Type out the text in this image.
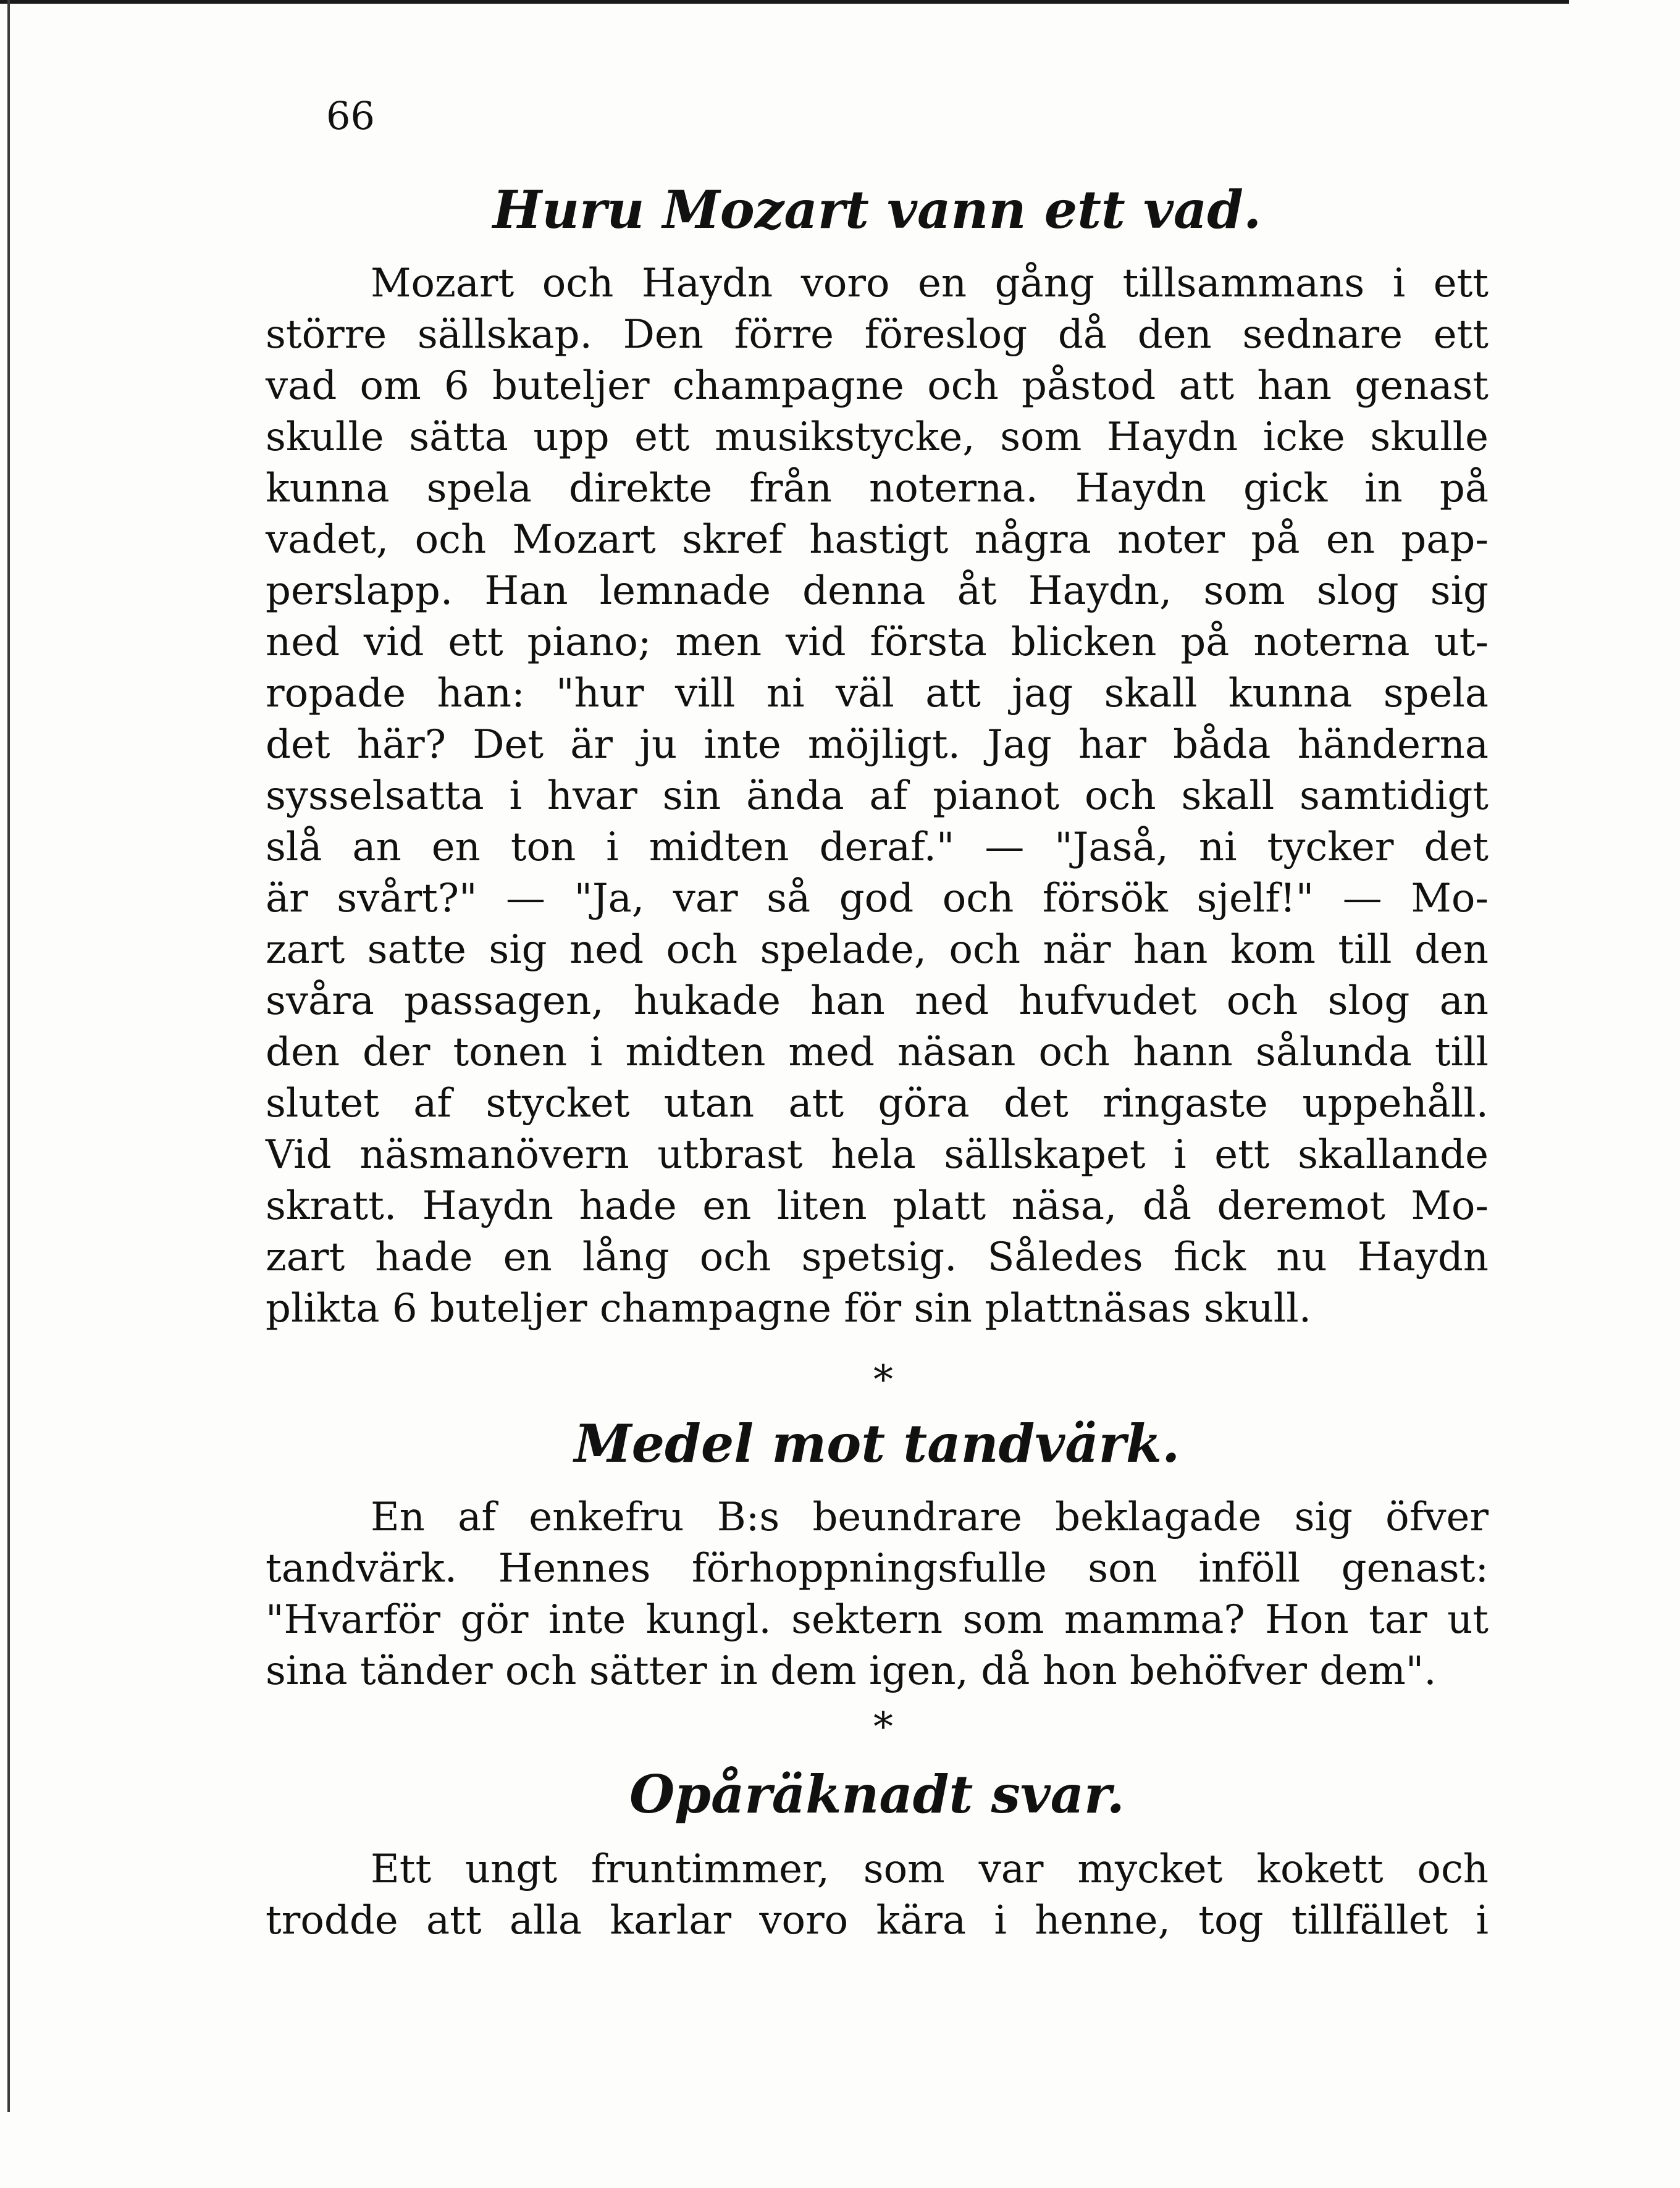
66
Huru Mozart vann ett vad.

Mozart och Haydn voro en gång tillsammans i ett
större sällskap. Den förre föreslog då den sednare ett
vad om 6 buteljer champagne och påstod att han genast
skulle sätta upp ett musikstycke, som Haydn icke skulle
kunna spela direkte från noterna. Haydn gick in på
vadet, och Mozart skref hastigt några noter på en pap-
perslapp. Han lemnade denna åt Haydn, som slog sig
ned vid ett piano; men vid första blicken på noterna ut-
ropade han: "hur vill ni väl att jag skall kunna spela
det här? Det är ju inte möjligt. Jag har båda händerna
sysselsatta i hvar sin ända af pianot och skall samtidigt
slå an en ton i midten deraf." — "Jaså, ni tycker det
är svårt?" — "Ja, var så god och försök sjelf!" — Mo-
zart satte sig ned och spelade, och när han kom till den
svåra passagen, hukade han ned hufvudet och slog an
den der tonen i midten med näsan och hann sålunda till
slutet af stycket utan att göra det ringaste uppehåll.
Vid näsmanövern utbrast hela sällskapet i ett skallande
skratt. Haydn hade en liten platt näsa, då deremot Mo-
zart hade en lång och spetsig. Således fick nu Haydn
plikta 6 buteljer champagne för sin plattnäsas skull.

*
Medel mot tandvärk.

En af enkefru B:s beundrare beklagade sig öfver
tandvärk. Hennes förhoppningsfulle son inföll genast:
"Hvarför gör inte kungl. sektern som mamma? Hon tar ut
sina tänder och sätter in dem igen, då hon behöfver dem".

*
Opåräknadt svar.

Ett ungt fruntimmer, som var mycket kokett och
trodde att alla karlar voro kära i henne, tog tillfället i
